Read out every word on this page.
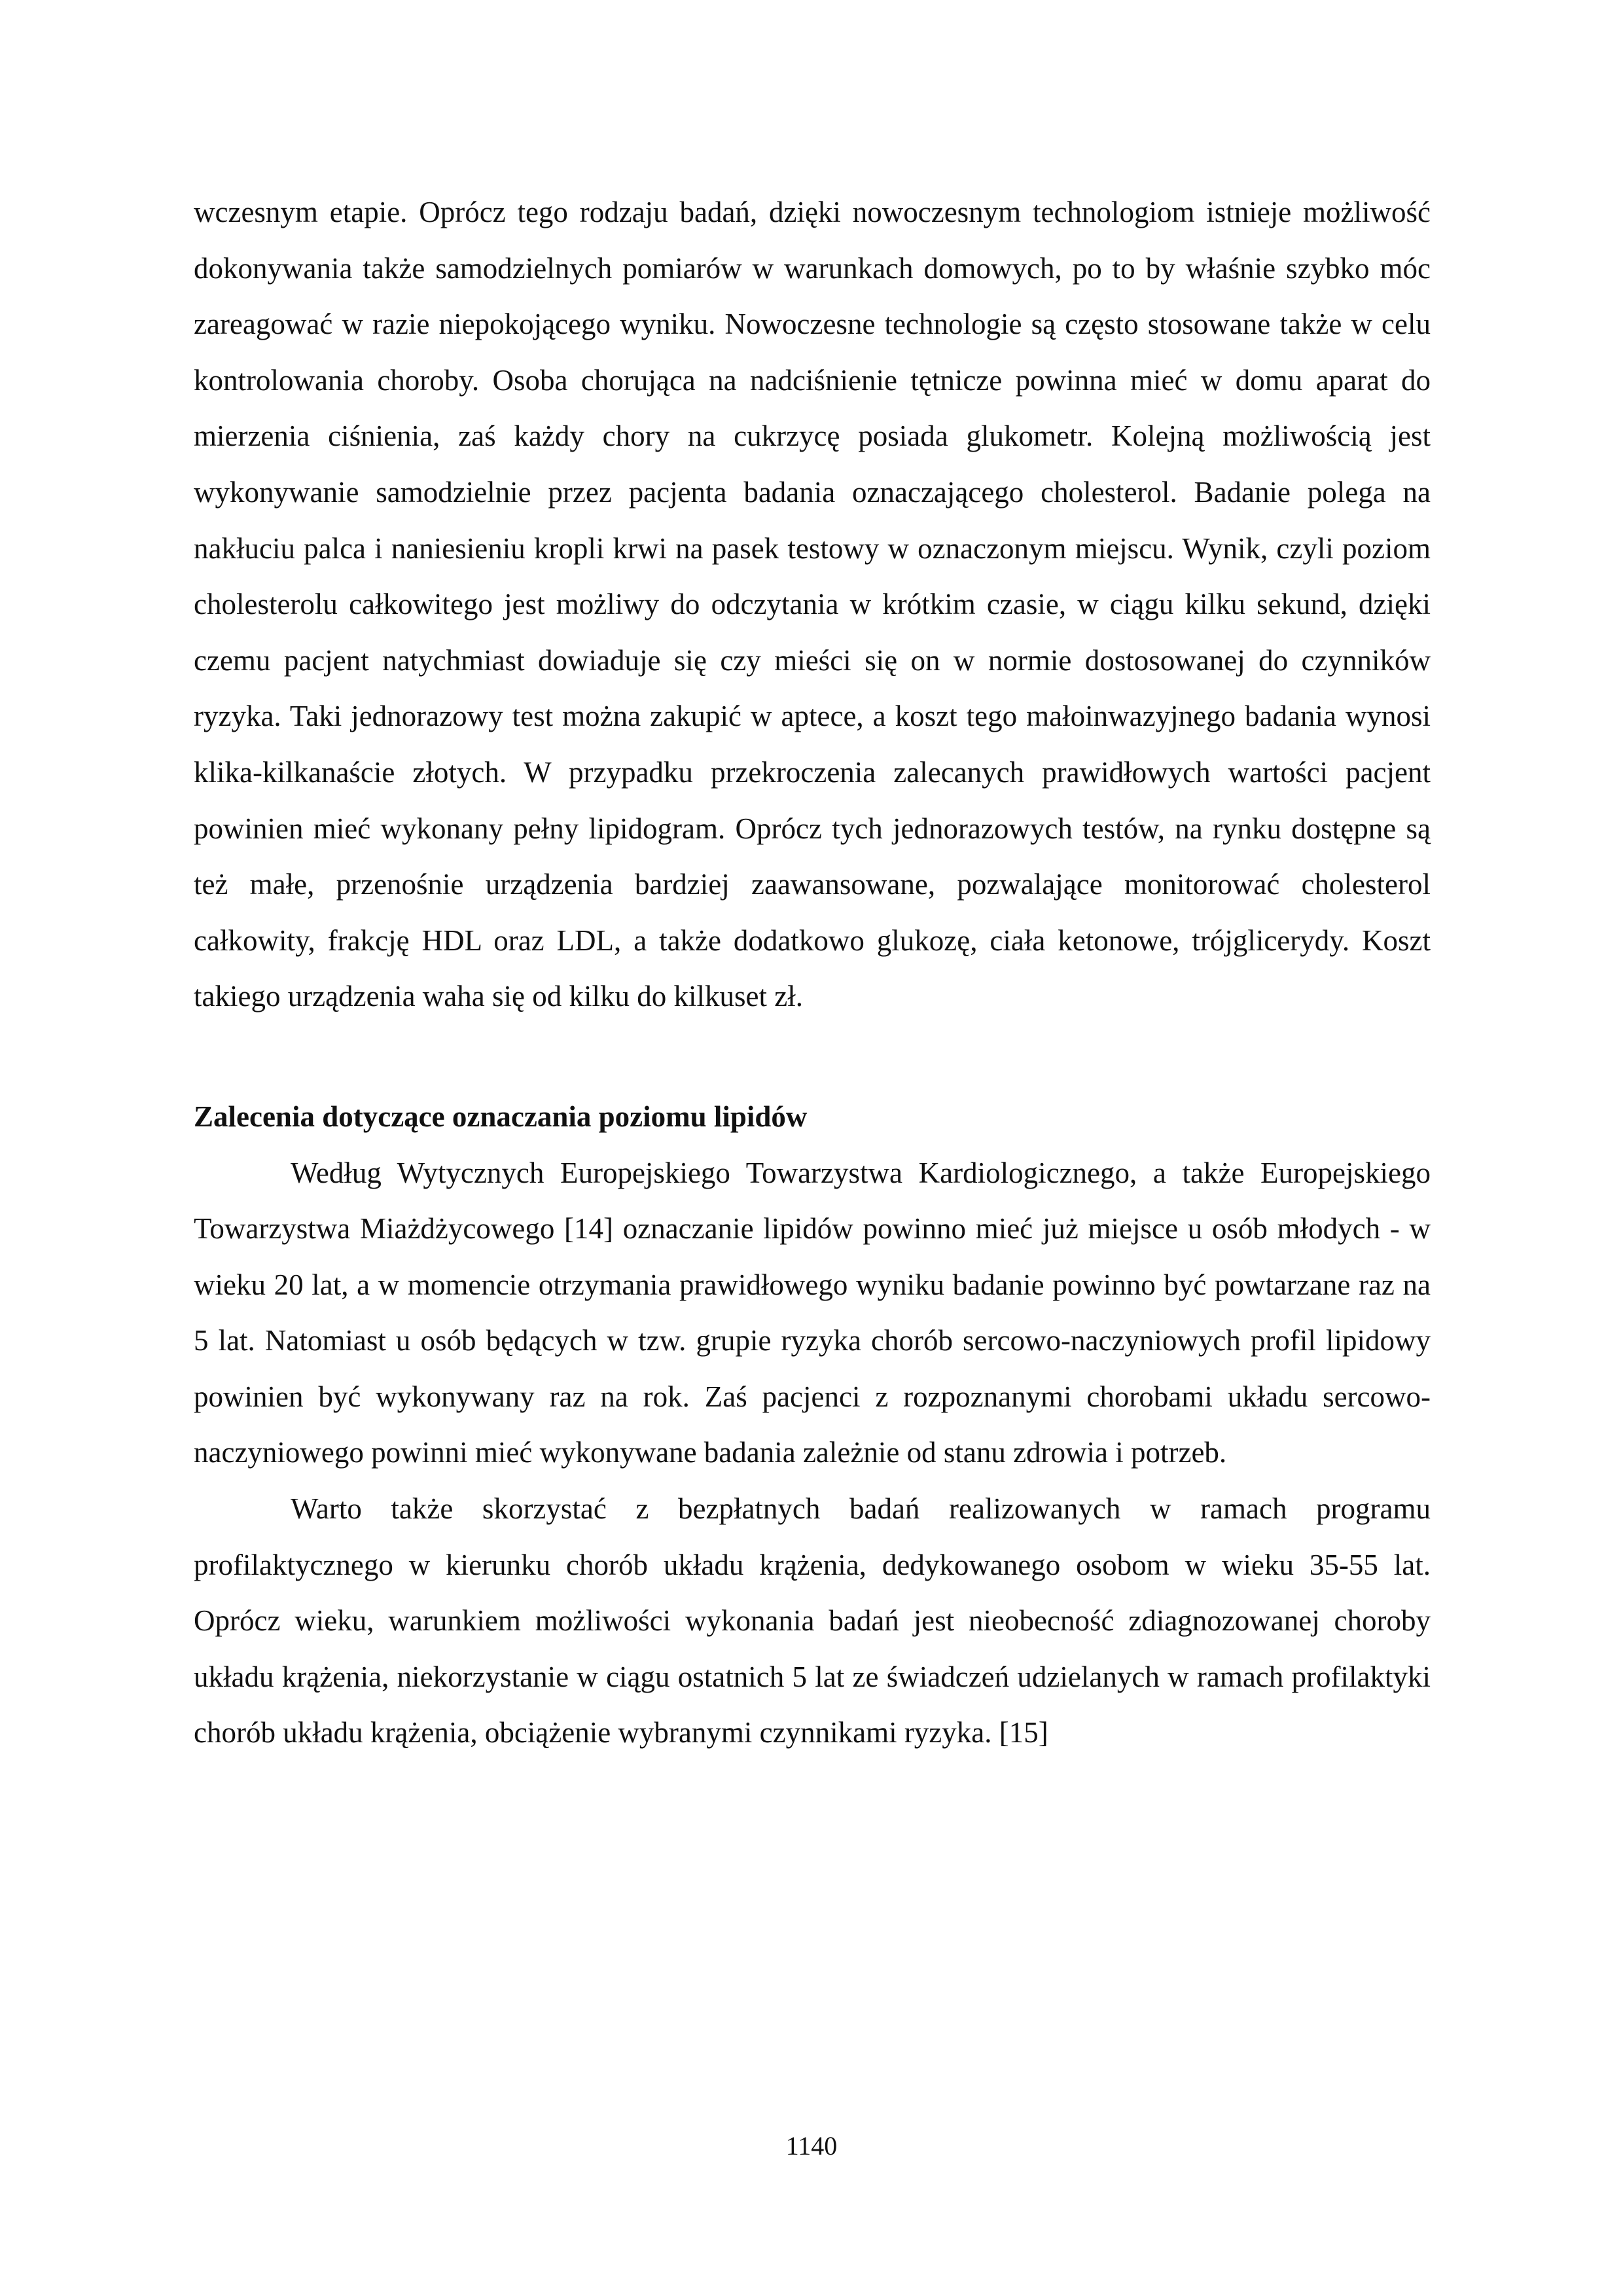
wczesnym etapie. Oprócz tego rodzaju badań, dzięki nowoczesnym technologiom istnieje możliwość dokonywania także samodzielnych pomiarów w warunkach domowych, po to by właśnie szybko móc zareagować w razie niepokojącego wyniku. Nowoczesne technologie są często stosowane także w celu kontrolowania choroby. Osoba chorująca na nadciśnienie tętnicze powinna mieć w domu aparat do mierzenia ciśnienia, zaś każdy chory na cukrzycę posiada glukometr. Kolejną możliwością jest wykonywanie samodzielnie przez pacjenta badania oznaczającego cholesterol. Badanie polega na nakłuciu palca i naniesieniu kropli krwi na pasek testowy w oznaczonym miejscu. Wynik, czyli poziom cholesterolu całkowitego jest możliwy do odczytania w krótkim czasie, w ciągu kilku sekund, dzięki czemu pacjent natychmiast dowiaduje się czy mieści się on w normie dostosowanej do czynników ryzyka. Taki jednorazowy test można zakupić w aptece, a koszt tego małoinwazyjnego badania wynosi klika-kilkanaście złotych. W przypadku przekroczenia zalecanych prawidłowych wartości pacjent powinien mieć wykonany pełny lipidogram. Oprócz tych jednorazowych testów, na rynku dostępne są też małe, przenośnie urządzenia bardziej zaawansowane, pozwalające monitorować cholesterol całkowity, frakcję HDL oraz LDL, a także dodatkowo glukozę, ciała ketonowe, trójglicerydy. Koszt takiego urządzenia waha się od kilku do kilkuset zł.

Zalecenia dotyczące oznaczania poziomu lipidów

Według Wytycznych Europejskiego Towarzystwa Kardiologicznego, a także Europejskiego Towarzystwa Miażdżycowego [14] oznaczanie lipidów powinno mieć już miejsce u osób młodych - w wieku 20 lat, a w momencie otrzymania prawidłowego wyniku badanie powinno być powtarzane raz na 5 lat. Natomiast u osób będących w tzw. grupie ryzyka chorób sercowo-naczyniowych profil lipidowy powinien być wykonywany raz na rok. Zaś pacjenci z rozpoznanymi chorobami układu sercowo-naczyniowego powinni mieć wykonywane badania zależnie od stanu zdrowia i potrzeb.

Warto także skorzystać z bezpłatnych badań realizowanych w ramach programu profilaktycznego w kierunku chorób układu krążenia, dedykowanego osobom w wieku 35-55 lat. Oprócz wieku, warunkiem możliwości wykonania badań jest nieobecność zdiagnozowanej choroby układu krążenia, niekorzystanie w ciągu ostatnich 5 lat ze świadczeń udzielanych w ramach profilaktyki chorób układu krążenia, obciążenie wybranymi czynnikami ryzyka. [15]

1140
